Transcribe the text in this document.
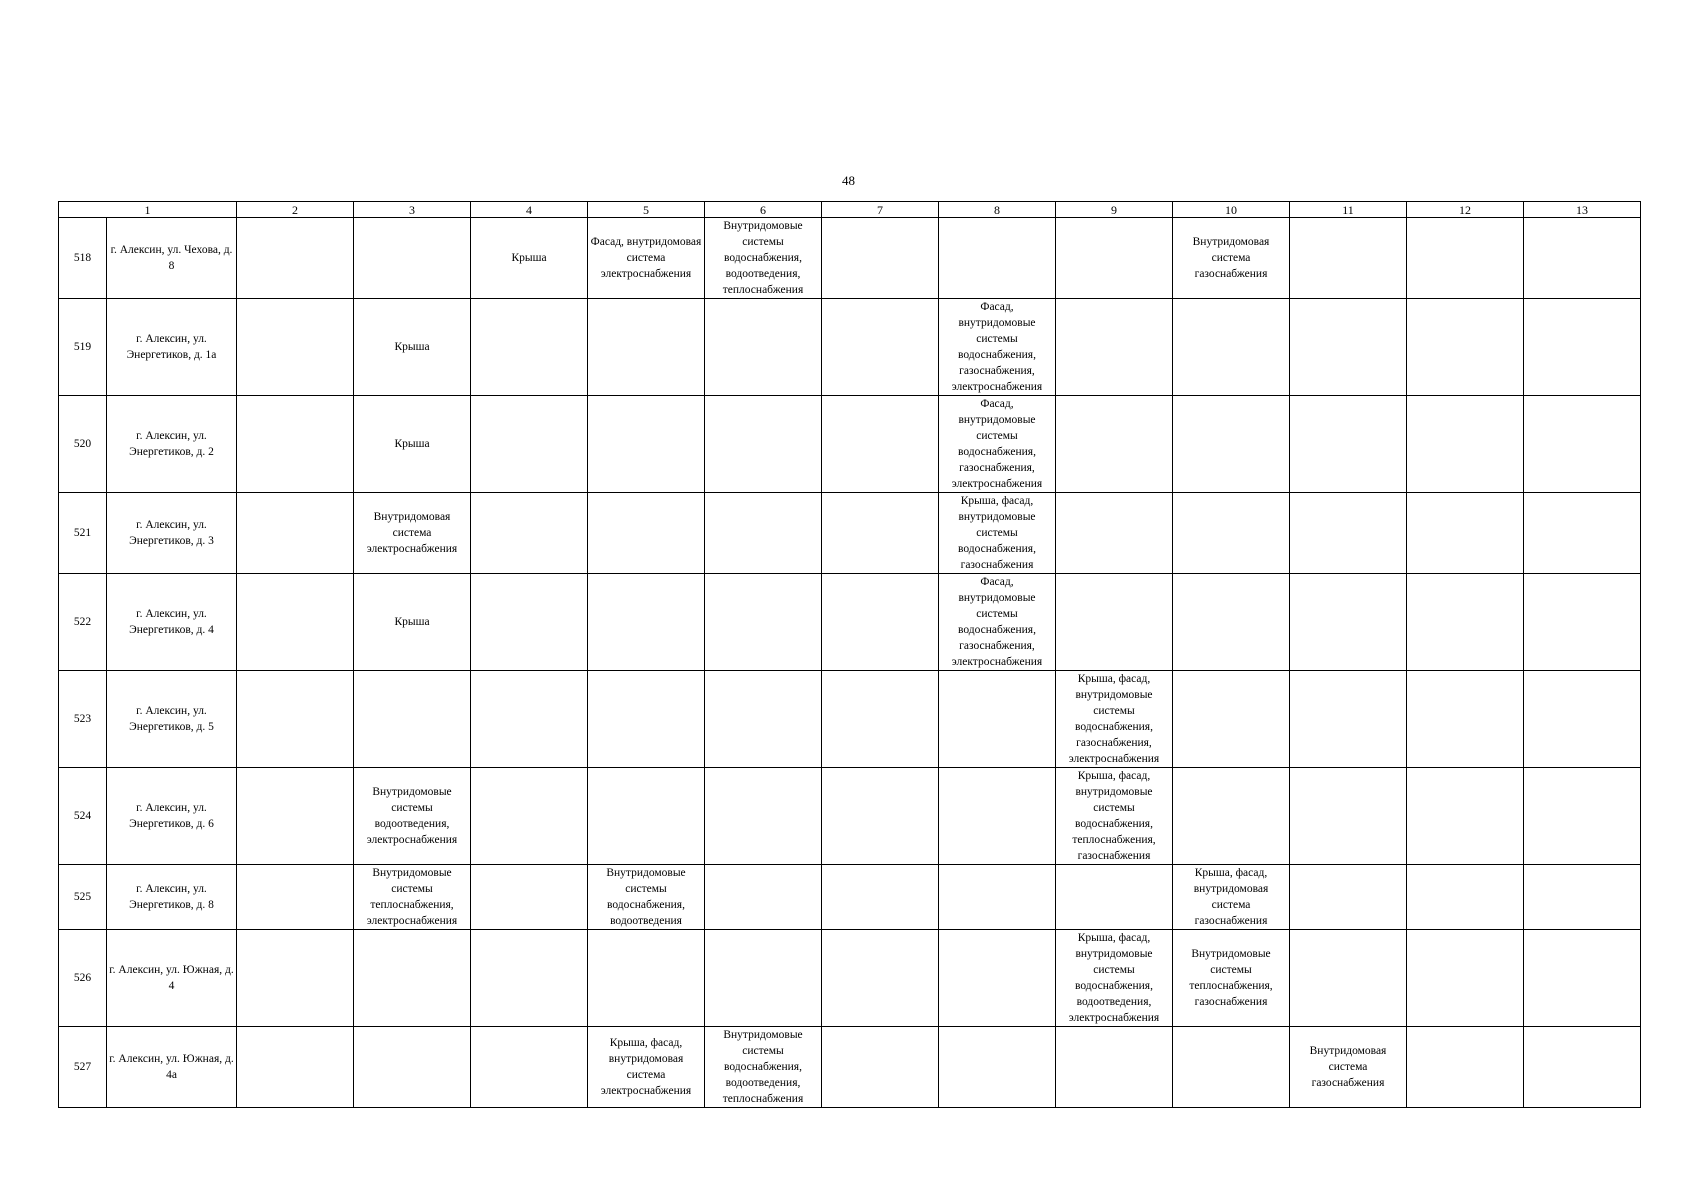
48
1		2	3	4	5	6	7	8	9	10	11	12	13
518	г. Алексин, ул. Чехова, д. 8			Крыша	Фасад, внутридомовая система электроснабжения	Внутридомовые системы водоснабжения, водоотведения, теплоснабжения				Внутридомовая система газоснабжения			
519	г. Алексин, ул. Энергетиков, д. 1а		Крыша					Фасад, внутридомовые системы водоснабжения, газоснабжения, электроснабжения					
520	г. Алексин, ул. Энергетиков, д. 2		Крыша					Фасад, внутридомовые системы водоснабжения, газоснабжения, электроснабжения					
521	г. Алексин, ул. Энергетиков, д. 3		Внутридомовая система электроснабжения					Крыша, фасад, внутридомовые системы водоснабжения, газоснабжения					
522	г. Алексин, ул. Энергетиков, д. 4		Крыша					Фасад, внутридомовые системы водоснабжения, газоснабжения, электроснабжения					
523	г. Алексин, ул. Энергетиков, д. 5								Крыша, фасад, внутридомовые системы водоснабжения, газоснабжения, электроснабжения				
524	г. Алексин, ул. Энергетиков, д. 6		Внутридомовые системы водоотведения, электроснабжения						Крыша, фасад, внутридомовые системы водоснабжения, теплоснабжения, газоснабжения				
525	г. Алексин, ул. Энергетиков, д. 8		Внутридомовые системы теплоснабжения, электроснабжения		Внутридомовые системы водоснабжения, водоотведения					Крыша, фасад, внутридомовая система газоснабжения			
526	г. Алексин, ул. Южная, д. 4								Крыша, фасад, внутридомовые системы водоснабжения, водоотведения, электроснабжения	Внутридомовые системы теплоснабжения, газоснабжения			
527	г. Алексин, ул. Южная, д. 4а				Крыша, фасад, внутридомовая система электроснабжения	Внутридомовые системы водоснабжения, водоотведения, теплоснабжения					Внутридомовая система газоснабжения		
